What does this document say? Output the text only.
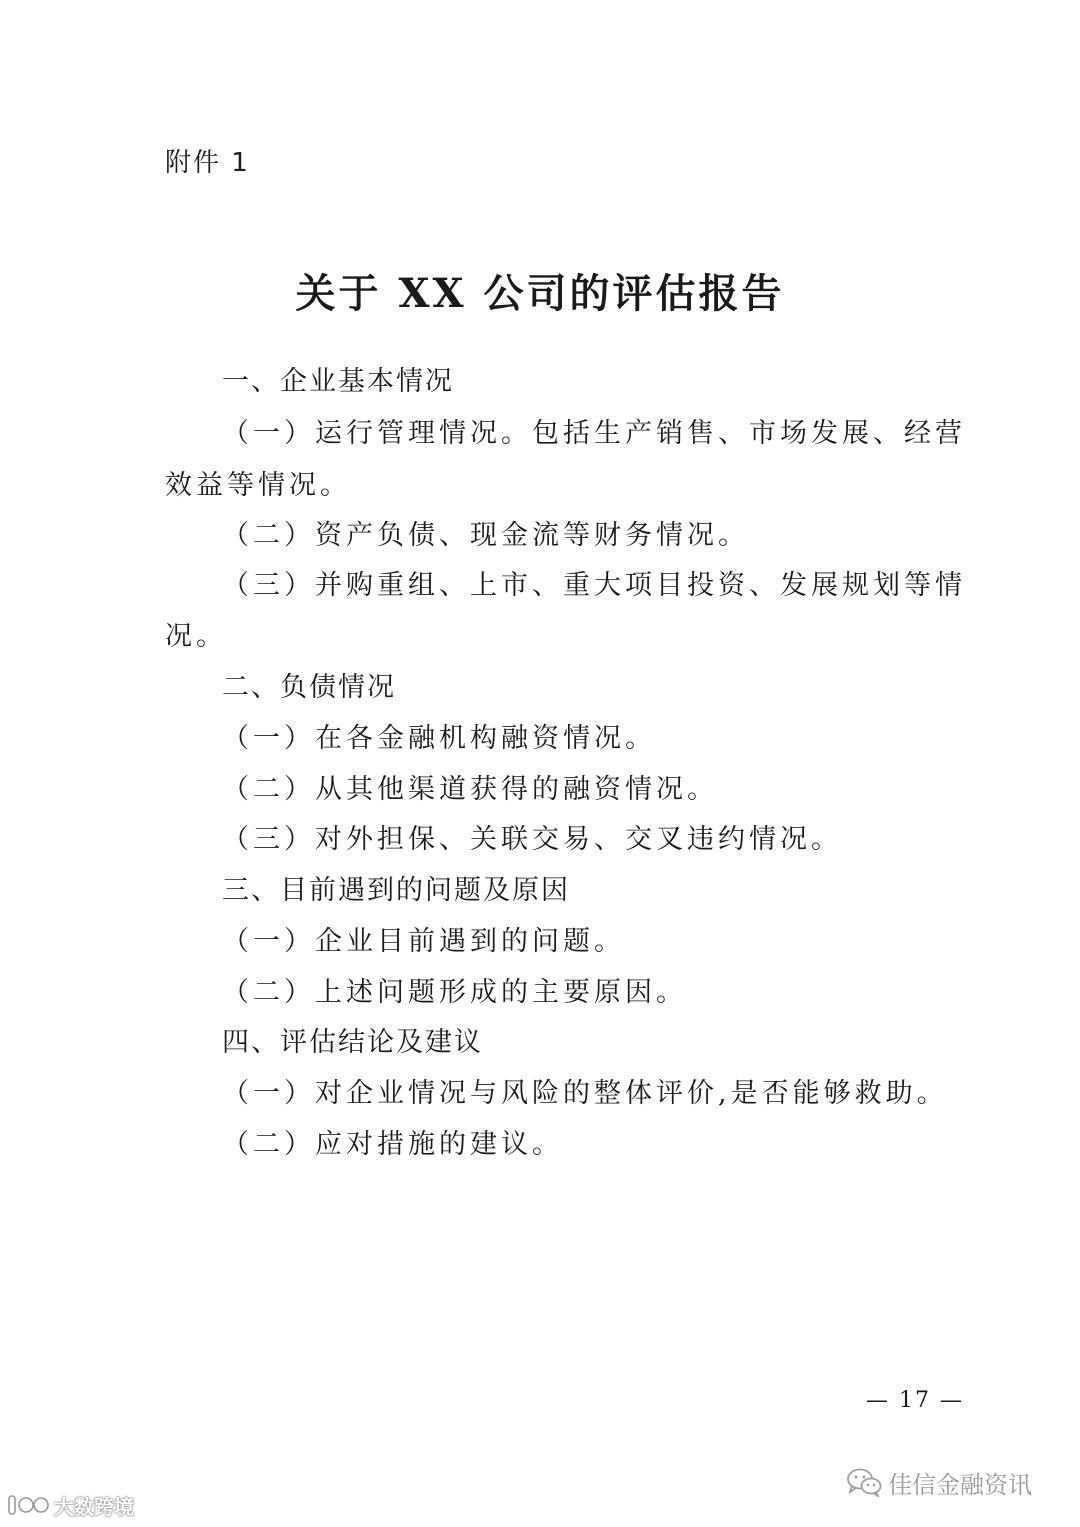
附件 1
关于 XX 公司的评估报告
一、企业基本情况
（一）运行管理情况。包括生产销售、市场发展、经营
效益等情况。
（二）资产负债、现金流等财务情况。
（三）并购重组、上市、重大项目投资、发展规划等情
况。
二、负债情况
（一）在各金融机构融资情况。
（二）从其他渠道获得的融资情况。
（三）对外担保、关联交易、交叉违约情况。
三、目前遇到的问题及原因
（一）企业目前遇到的问题。
（二）上述问题形成的主要原因。
四、评估结论及建议
（一）对企业情况与风险的整体评价,是否能够救助。
（二）应对措施的建议。
— 17 —
佳信金融资讯
大数跨境
